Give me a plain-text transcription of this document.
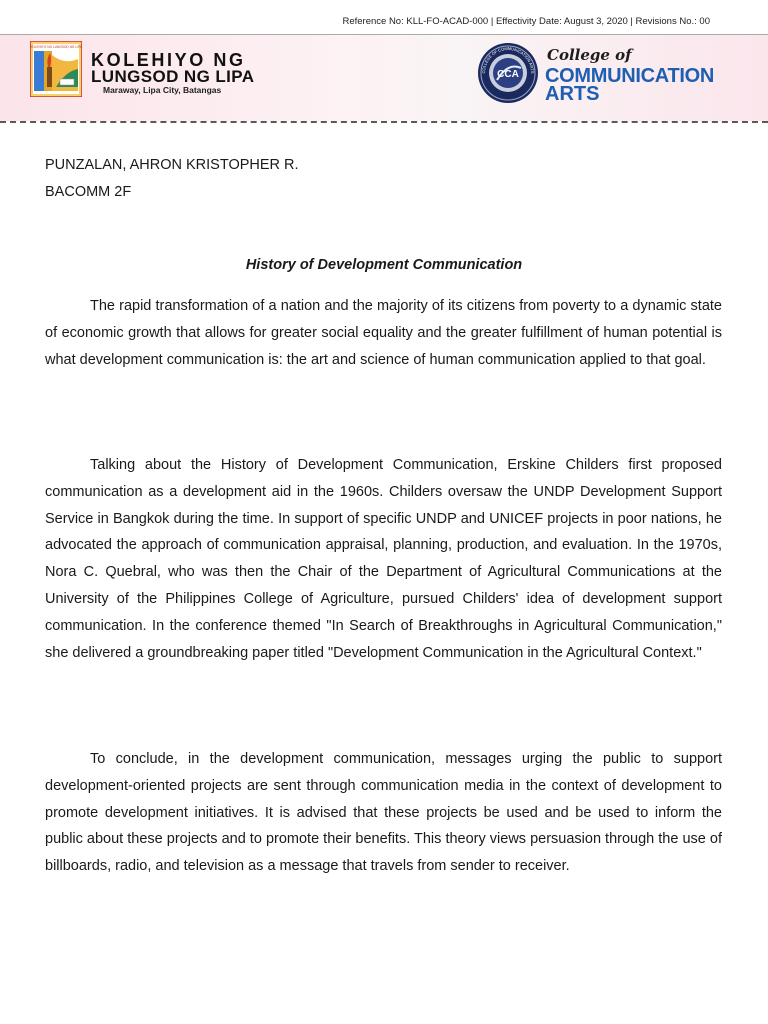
Reference No: KLL-FO-ACAD-000 | Effectivity Date: August 3, 2020 | Revisions No.: 00
KOLEHIYO NG LUNGSOD NG LIPA
KOLEHIYO NG
LUNGSOD NG LIPA
Maraway, Lipa City, Batangas
CCA
COLLEGE OF COMMUNICATION ARTS
College of
COMMUNICATION
ARTS
PUNZALAN, AHRON KRISTOPHER R.
BACOMM 2F
History of Development Communication

The rapid transformation of a nation and the majority of its citizens from poverty to a dynamic state of economic growth that allows for greater social equality and the greater fulfillment of human potential is what development communication is: the art and science of human communication applied to that goal.

Talking about the History of Development Communication, Erskine Childers first proposed communication as a development aid in the 1960s. Childers oversaw the UNDP Development Support Service in Bangkok during the time. In support of specific UNDP and UNICEF projects in poor nations, he advocated the approach of communication appraisal, planning, production, and evaluation. In the 1970s, Nora C. Quebral, who was then the Chair of the Department of Agricultural Communications at the University of the Philippines College of Agriculture, pursued Childers' idea of development support communication. In the conference themed "In Search of Breakthroughs in Agricultural Communication," she delivered a groundbreaking paper titled "Development Communication in the Agricultural Context."

To conclude, in the development communication, messages urging the public to support development-oriented projects are sent through communication media in the context of development to promote development initiatives. It is advised that these projects be used and be used to inform the public about these projects and to promote their benefits. This theory views persuasion through the use of billboards, radio, and television as a message that travels from sender to receiver.
